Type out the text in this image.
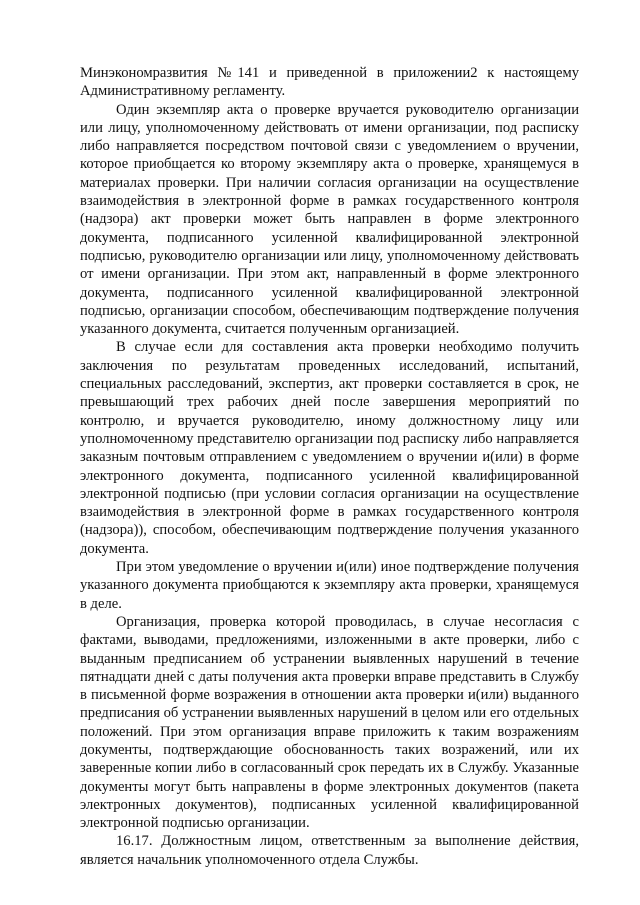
Минэкономразвития №141 и приведенной в приложении2 к настоящему Административному регламенту.

Один экземпляр акта о проверке вручается руководителю организации или лицу, уполномоченному действовать от имени организации, под расписку либо направляется посредством почтовой связи с уведомлением о вручении, которое приобщается ко второму экземпляру акта о проверке, хранящемуся в материалах проверки. При наличии согласия организации на осуществление взаимодействия в электронной форме в рамках государственного контроля (надзора) акт проверки может быть направлен в форме электронного документа, подписанного усиленной квалифицированной электронной подписью, руководителю организации или лицу, уполномоченному действовать от имени организации. При этом акт, направленный в форме электронного документа, подписанного усиленной квалифицированной электронной подписью, организации способом, обеспечивающим подтверждение получения указанного документа, считается полученным организацией.

В случае если для составления акта проверки необходимо получить заключения по результатам проведенных исследований, испытаний, специальных расследований, экспертиз, акт проверки составляется в срок, не превышающий трех рабочих дней после завершения мероприятий по контролю, и вручается руководителю, иному должностному лицу или уполномоченному представителю организации под расписку либо направляется заказным почтовым отправлением с уведомлением о вручении и(или) в форме электронного документа, подписанного усиленной квалифицированной электронной подписью (при условии согласия организации на осуществление взаимодействия в электронной форме в рамках государственного контроля (надзора)), способом, обеспечивающим подтверждение получения указанного документа.

При этом уведомление о вручении и(или) иное подтверждение получения указанного документа приобщаются к экземпляру акта проверки, хранящемуся в деле.

Организация, проверка которой проводилась, в случае несогласия с фактами, выводами, предложениями, изложенными в акте проверки, либо с выданным предписанием об устранении выявленных нарушений в течение пятнадцати дней с даты получения акта проверки вправе представить в Службу в письменной форме возражения в отношении акта проверки и(или) выданного предписания об устранении выявленных нарушений в целом или его отдельных положений. При этом организация вправе приложить к таким возражениям документы, подтверждающие обоснованность таких возражений, или их заверенные копии либо в согласованный срок передать их в Службу. Указанные документы могут быть направлены в форме электронных документов (пакета электронных документов), подписанных усиленной квалифицированной электронной подписью организации.

16.17. Должностным лицом, ответственным за выполнение действия, является начальник уполномоченного отдела Службы.
